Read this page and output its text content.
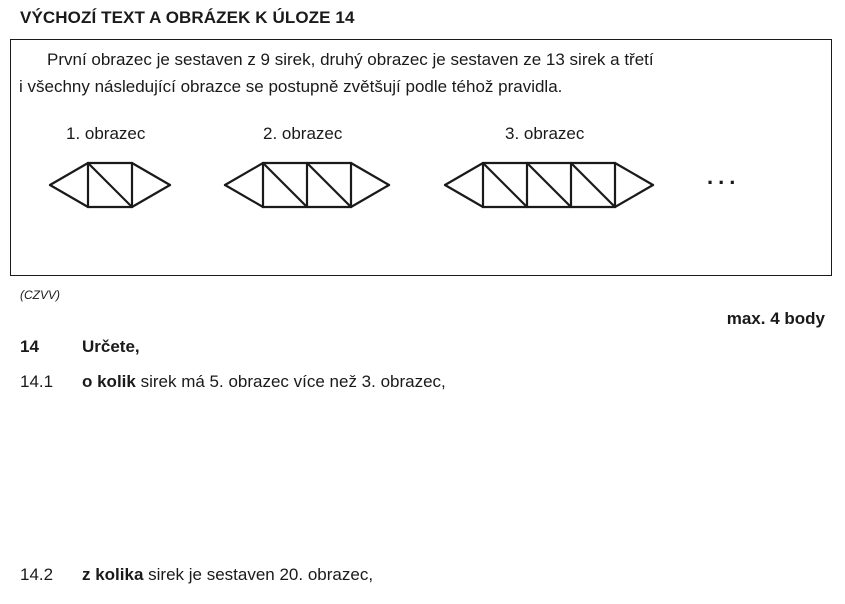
VÝCHOZÍ TEXT A OBRÁZEK K ÚLOZE 14
První obrazec je sestaven z 9 sirek, druhý obrazec je sestaven ze 13 sirek a třetí
i všechny následující obrazce se postupně zvětšují podle téhož pravidla.
1. obrazec	2. obrazec	3. obrazec
...
(CZVV)
max. 4 body
14	Určete,
14.1 o kolik sirek má 5. obrazec více než 3. obrazec,
14.2 z kolika sirek je sestaven 20. obrazec,
